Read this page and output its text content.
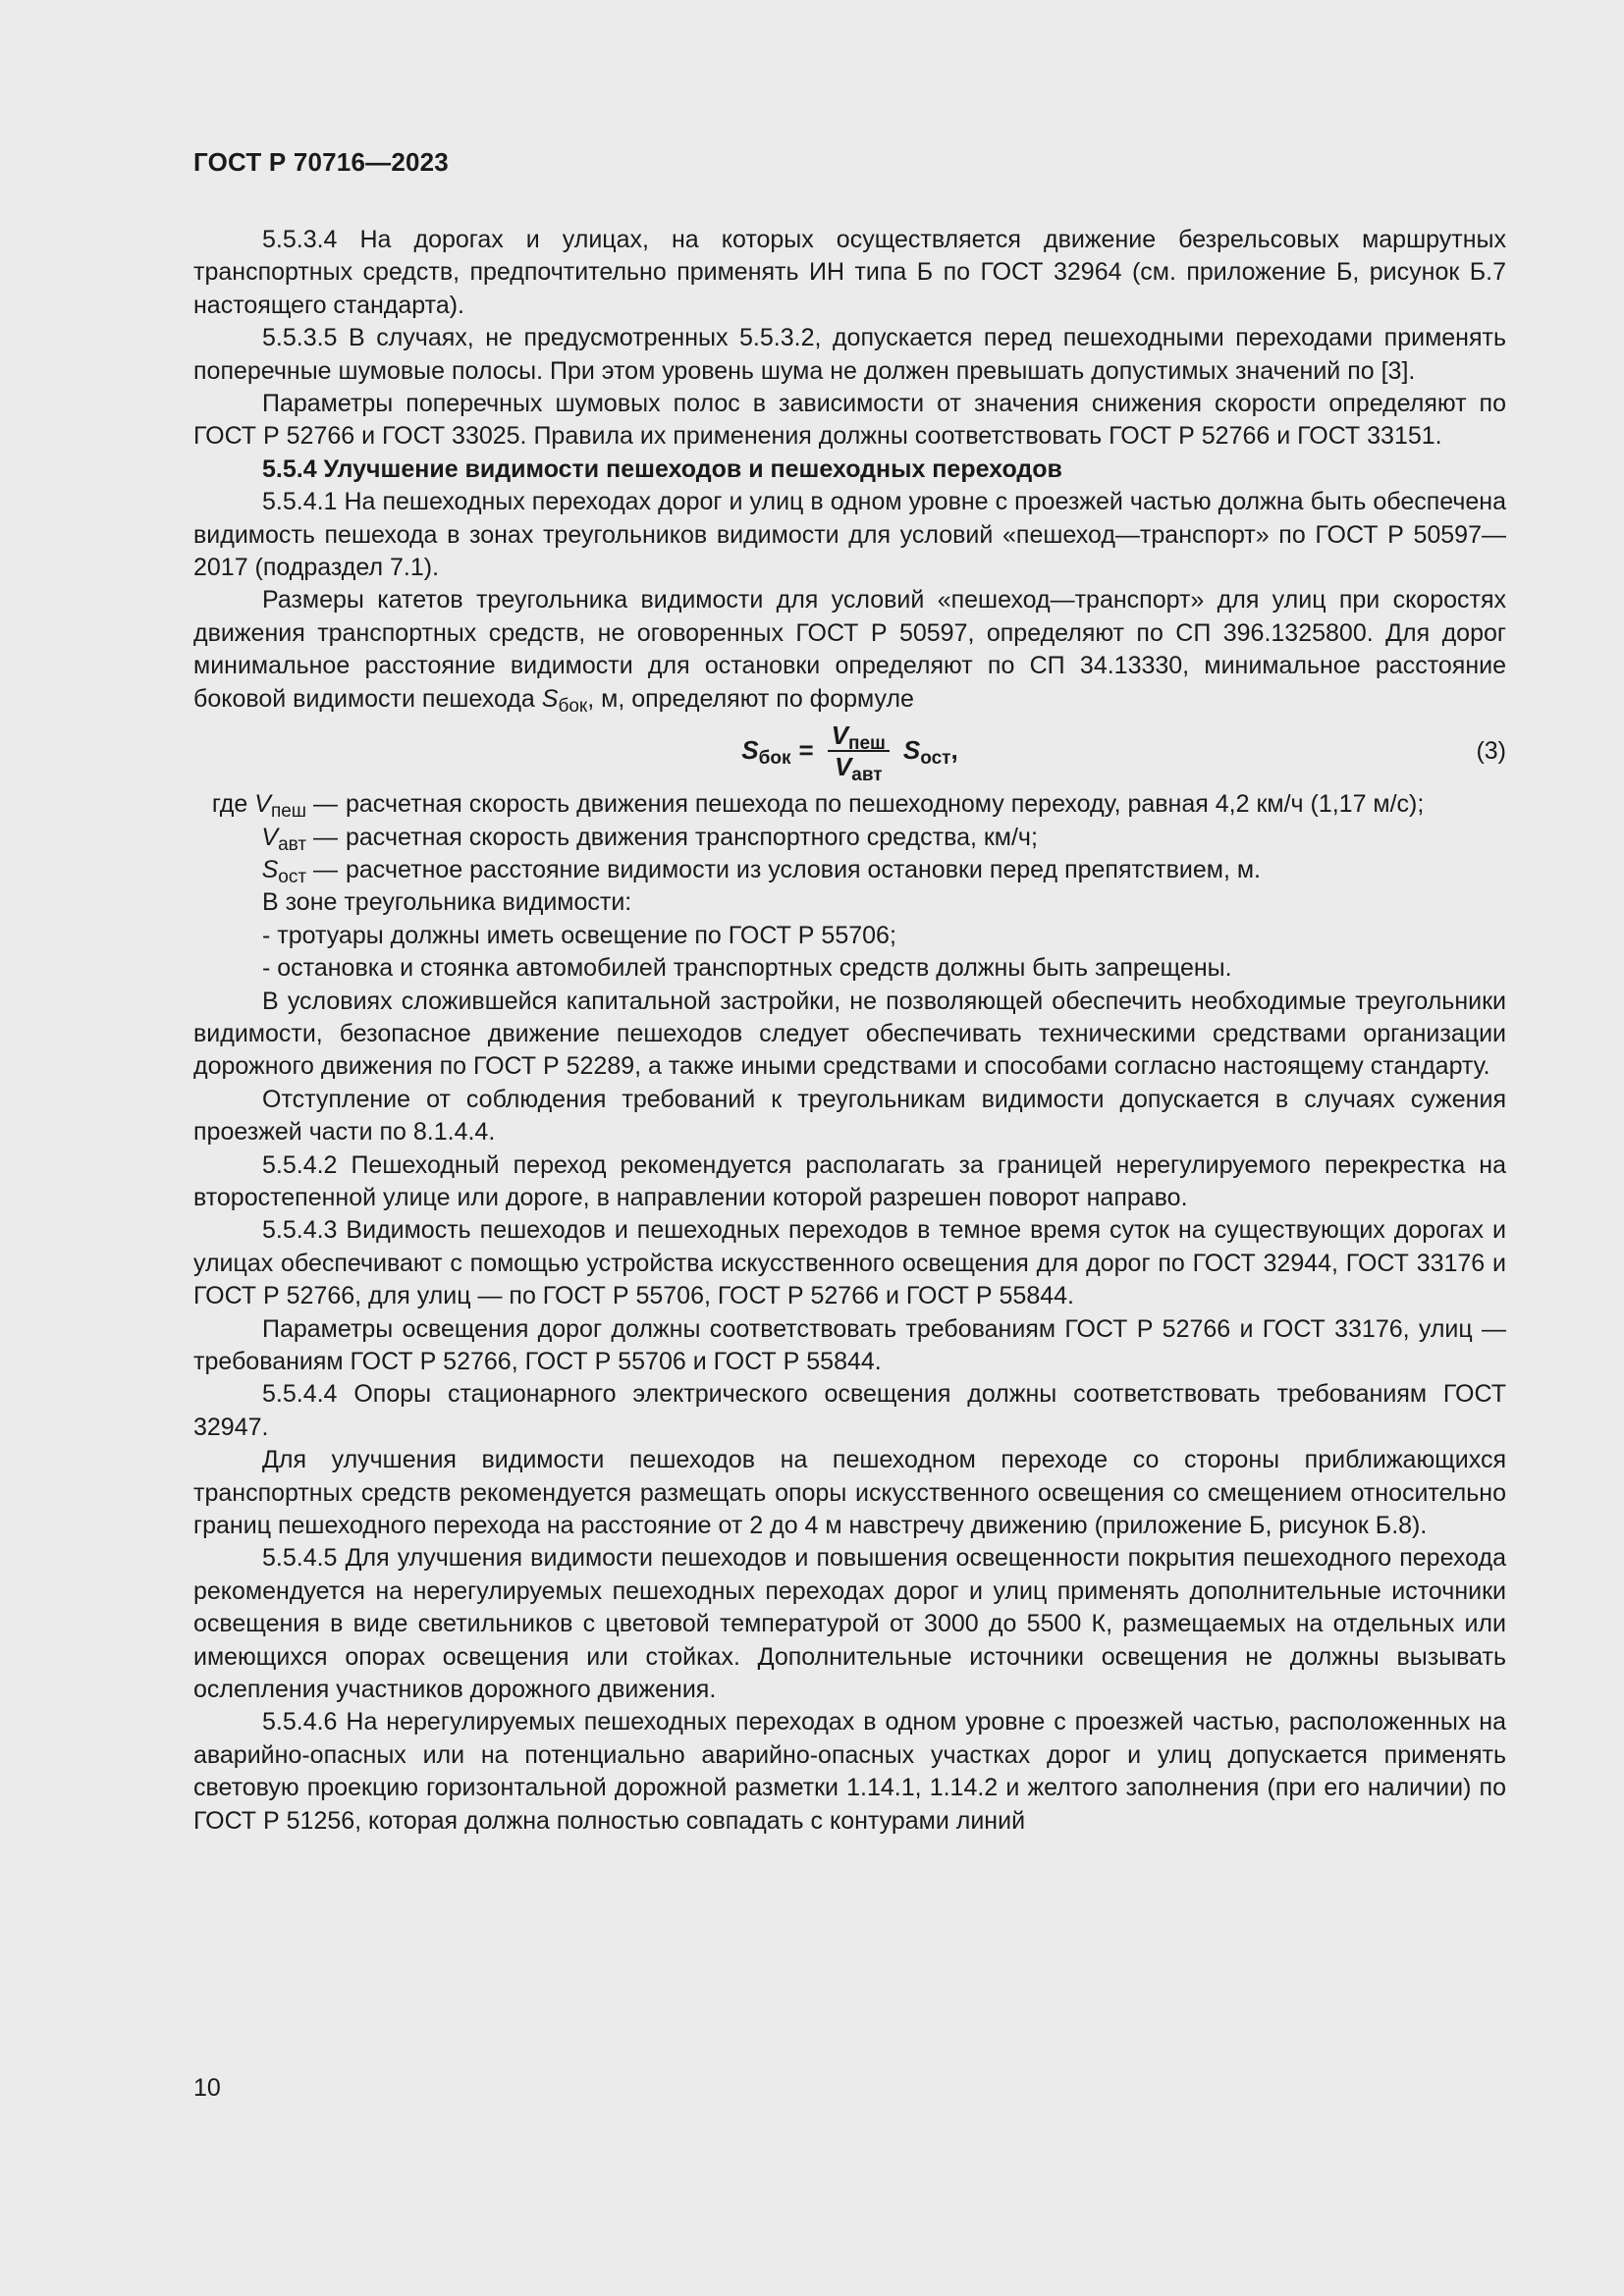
ГОСТ Р 70716—2023

5.5.3.4 На дорогах и улицах, на которых осуществляется движение безрельсовых маршрутных транспортных средств, предпочтительно применять ИН типа Б по ГОСТ 32964 (см. приложение Б, рисунок Б.7 настоящего стандарта).

5.5.3.5 В случаях, не предусмотренных 5.5.3.2, допускается перед пешеходными переходами применять поперечные шумовые полосы. При этом уровень шума не должен превышать допустимых значений по [3].

Параметры поперечных шумовых полос в зависимости от значения снижения скорости определяют по ГОСТ Р 52766 и ГОСТ 33025. Правила их применения должны соответствовать ГОСТ Р 52766 и ГОСТ 33151.

5.5.4 Улучшение видимости пешеходов и пешеходных переходов

5.5.4.1 На пешеходных переходах дорог и улиц в одном уровне с проезжей частью должна быть обеспечена видимость пешехода в зонах треугольников видимости для условий «пешеход—транспорт» по ГОСТ Р 50597—2017 (подраздел 7.1).

Размеры катетов треугольника видимости для условий «пешеход—транспорт» для улиц при скоростях движения транспортных средств, не оговоренных ГОСТ Р 50597, определяют по СП 396.1325800. Для дорог минимальное расстояние видимости для остановки определяют по СП 34.13330, минимальное расстояние боковой видимости пешехода $S_{бок}$, м, определяют по формуле

$S_{бок} = \frac{V_{пеш}}{V_{авт}} S_{ост}$,	(3)
где $V_{пеш}$ — расчетная скорость движения пешехода по пешеходному переходу, равная 4,2 км/ч (1,17 м/с);
$V_{авт}$ — расчетная скорость движения транспортного средства, км/ч;
$S_{ост}$ — расчетное расстояние видимости из условия остановки перед препятствием, м.

В зоне треугольника видимости:

- тротуары должны иметь освещение по ГОСТ Р 55706;

- остановка и стоянка автомобилей транспортных средств должны быть запрещены.

В условиях сложившейся капитальной застройки, не позволяющей обеспечить необходимые треугольники видимости, безопасное движение пешеходов следует обеспечивать техническими средствами организации дорожного движения по ГОСТ Р 52289, а также иными средствами и способами согласно настоящему стандарту.

Отступление от соблюдения требований к треугольникам видимости допускается в случаях сужения проезжей части по 8.1.4.4.

5.5.4.2 Пешеходный переход рекомендуется располагать за границей нерегулируемого перекрестка на второстепенной улице или дороге, в направлении которой разрешен поворот направо.

5.5.4.3 Видимость пешеходов и пешеходных переходов в темное время суток на существующих дорогах и улицах обеспечивают с помощью устройства искусственного освещения для дорог по ГОСТ 32944, ГОСТ 33176 и ГОСТ Р 52766, для улиц — по ГОСТ Р 55706, ГОСТ Р 52766 и ГОСТ Р 55844.

Параметры освещения дорог должны соответствовать требованиям ГОСТ Р 52766 и ГОСТ 33176, улиц — требованиям ГОСТ Р 52766, ГОСТ Р 55706 и ГОСТ Р 55844.

5.5.4.4 Опоры стационарного электрического освещения должны соответствовать требованиям ГОСТ 32947.

Для улучшения видимости пешеходов на пешеходном переходе со стороны приближающихся транспортных средств рекомендуется размещать опоры искусственного освещения со смещением относительно границ пешеходного перехода на расстояние от 2 до 4 м навстречу движению (приложение Б, рисунок Б.8).

5.5.4.5 Для улучшения видимости пешеходов и повышения освещенности покрытия пешеходного перехода рекомендуется на нерегулируемых пешеходных переходах дорог и улиц применять дополнительные источники освещения в виде светильников с цветовой температурой от 3000 до 5500 К, размещаемых на отдельных или имеющихся опорах освещения или стойках. Дополнительные источники освещения не должны вызывать ослепления участников дорожного движения.

5.5.4.6 На нерегулируемых пешеходных переходах в одном уровне с проезжей частью, расположенных на аварийно-опасных или на потенциально аварийно-опасных участках дорог и улиц допускается применять световую проекцию горизонтальной дорожной разметки 1.14.1, 1.14.2 и желтого заполнения (при его наличии) по ГОСТ Р 51256, которая должна полностью совпадать с контурами линий

10
